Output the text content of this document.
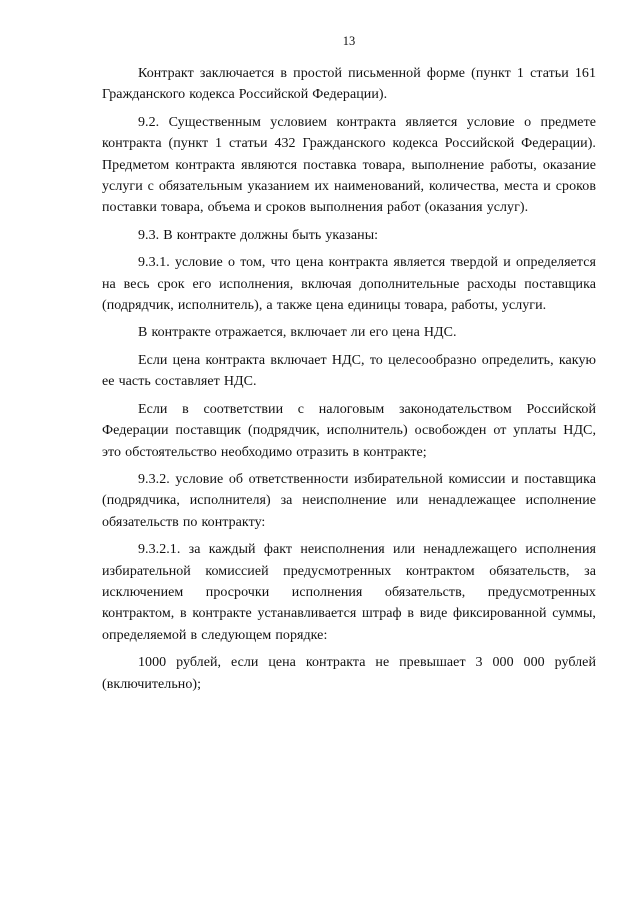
13

Контракт заключается в простой письменной форме (пункт 1 статьи 161 Гражданского кодекса Российской Федерации).

9.2. Существенным условием контракта является условие о предмете контракта (пункт 1 статьи 432 Гражданского кодекса Российской Федерации). Предметом контракта являются поставка товара, выполнение работы, оказание услуги с обязательным указанием их наименований, количества, места и сроков поставки товара, объема и сроков выполнения работ (оказания услуг).

9.3. В контракте должны быть указаны:

9.3.1. условие о том, что цена контракта является твердой и определяется на весь срок его исполнения, включая дополнительные расходы поставщика (подрядчик, исполнитель), а также цена единицы товара, работы, услуги.

В контракте отражается, включает ли его цена НДС.

Если цена контракта включает НДС, то целесообразно определить, какую ее часть составляет НДС.

Если в соответствии с налоговым законодательством Российской Федерации поставщик (подрядчик, исполнитель) освобожден от уплаты НДС, это обстоятельство необходимо отразить в контракте;

9.3.2. условие об ответственности избирательной комиссии и поставщика (подрядчика, исполнителя) за неисполнение или ненадлежащее исполнение обязательств по контракту:

9.3.2.1. за каждый факт неисполнения или ненадлежащего исполнения избирательной комиссией предусмотренных контрактом обязательств, за исключением просрочки исполнения обязательств, предусмотренных контрактом, в контракте устанавливается штраф в виде фиксированной суммы, определяемой в следующем порядке:

1000 рублей, если цена контракта не превышает 3 000 000 рублей (включительно);
